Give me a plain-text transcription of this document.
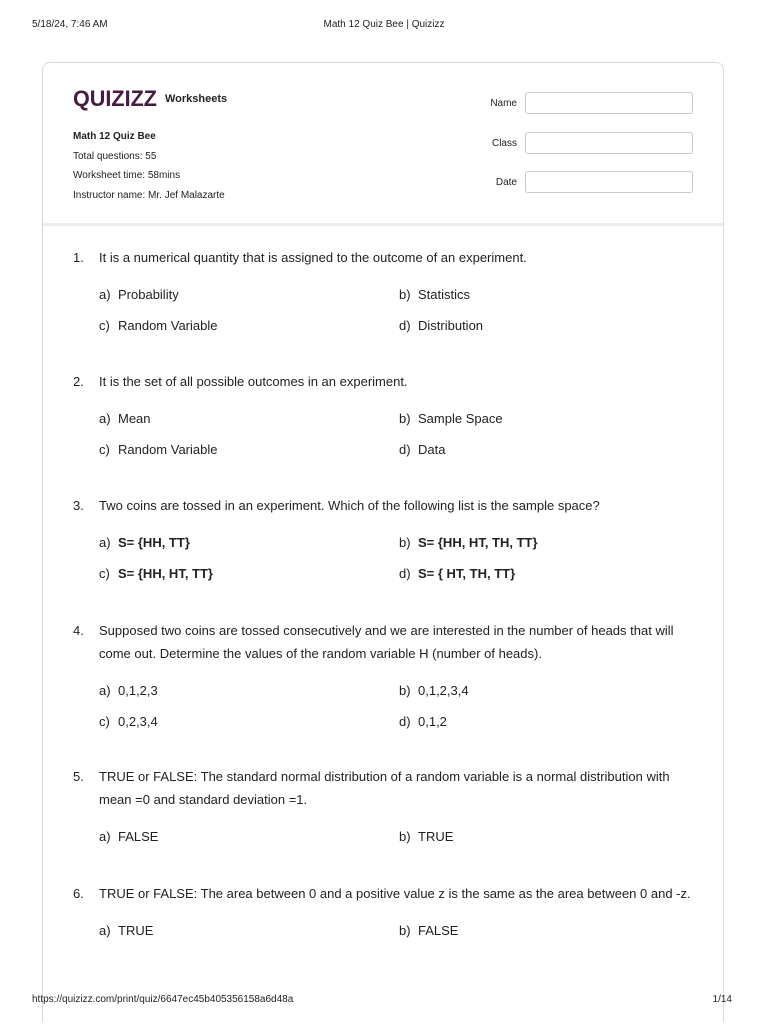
5/18/24, 7:46 AM	Math 12 Quiz Bee | Quizizz
QUIZIZZ Worksheets
Math 12 Quiz Bee
Total questions: 55
Worksheet time: 58mins
Instructor name: Mr. Jef Malazarte
Name
Class
Date
1.	It is a numerical quantity that is assigned to the outcome of an experiment.
a) Probability	b) Statistics
c) Random Variable	d) Distribution
2.	It is the set of all possible outcomes in an experiment.
a) Mean	b) Sample Space
c) Random Variable	d) Data
3.	Two coins are tossed in an experiment. Which of the following list is the sample space?
a) S= {HH, TT}	b) S= {HH, HT, TH, TT}
c) S= {HH, HT, TT}	d) S= { HT, TH, TT}
4.	Supposed two coins are tossed consecutively and we are interested in the number of heads that will come out. Determine the values of the random variable H (number of heads).
a) 0,1,2,3	b) 0,1,2,3,4
c) 0,2,3,4	d) 0,1,2
5.	TRUE or FALSE: The standard normal distribution of a random variable is a normal distribution with mean =0 and standard deviation =1.
a) FALSE	b) TRUE
6.	TRUE or FALSE: The area between 0 and a positive value z is the same as the area between 0 and -z.
a) TRUE	b) FALSE
https://quizizz.com/print/quiz/6647ec45b405356158a6d48a	1/14
